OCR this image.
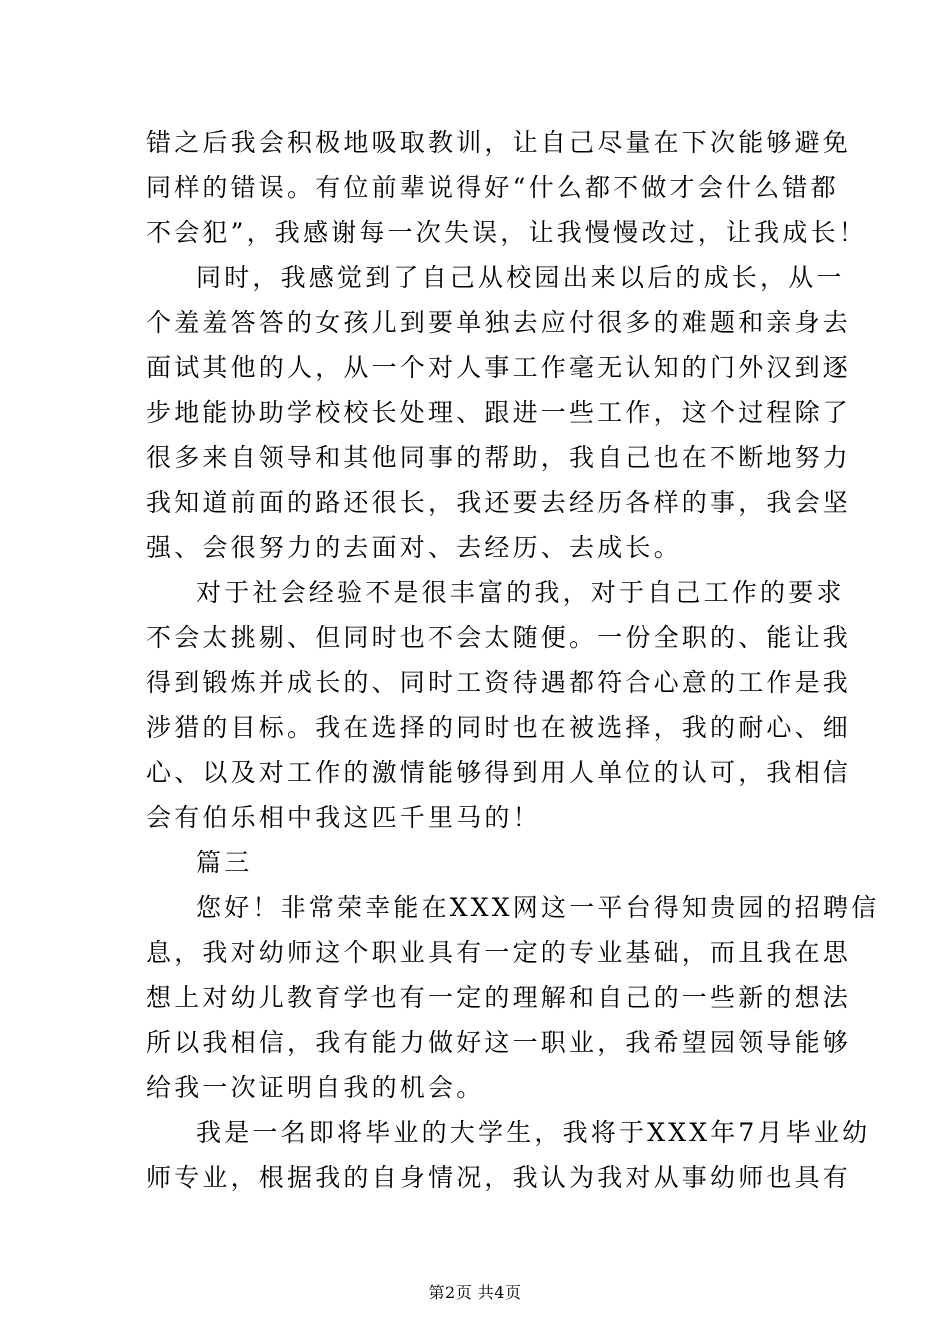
错之后我会积极地吸取教训，让自己尽量在下次能够避免
同样的错误。有位前辈说得好“什么都不做才会什么错都
不会犯”，我感谢每一次失误，让我慢慢改过，让我成长！
同时，我感觉到了自己从校园出来以后的成长，从一
个羞羞答答的女孩儿到要单独去应付很多的难题和亲身去
面试其他的人，从一个对人事工作毫无认知的门外汉到逐
步地能协助学校校长处理、跟进一些工作，这个过程除了
很多来自领导和其他同事的帮助，我自己也在不断地努力
我知道前面的路还很长，我还要去经历各样的事，我会坚
强、会很努力的去面对、去经历、去成长。
对于社会经验不是很丰富的我，对于自己工作的要求
不会太挑剔、但同时也不会太随便。一份全职的、能让我
得到锻炼并成长的、同时工资待遇都符合心意的工作是我
涉猎的目标。我在选择的同时也在被选择，我的耐心、细
心、以及对工作的激情能够得到用人单位的认可，我相信
会有伯乐相中我这匹千里马的！
篇三
您好！非常荣幸能在XXX网这一平台得知贵园的招聘信
息，我对幼师这个职业具有一定的专业基础，而且我在思
想上对幼儿教育学也有一定的理解和自己的一些新的想法
所以我相信，我有能力做好这一职业，我希望园领导能够
给我一次证明自我的机会。
我是一名即将毕业的大学生，我将于XXX年7月毕业幼
师专业，根据我的自身情况，我认为我对从事幼师也具有
第2页 共4页
